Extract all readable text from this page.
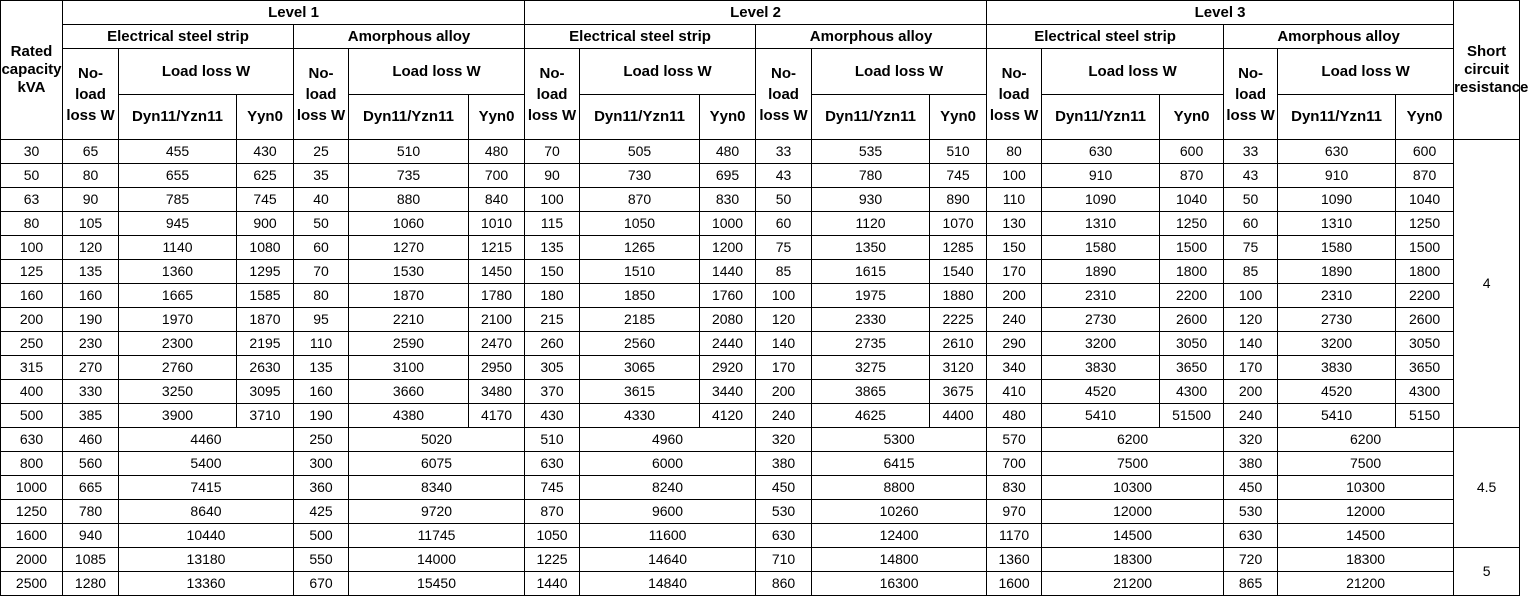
Rated capacity kVA	Level 1						Level 2						Level 3						Short circuit resistance
	Electrical steel strip			Amorphous alloy			Electrical steel strip			Amorphous alloy			Electrical steel strip			Amorphous alloy			
	No-load loss W	Load loss W		No-load loss W	Load loss W		No-load loss W	Load loss W		No-load loss W	Load loss W		No-load loss W	Load loss W		No-load loss W	Load loss W		
		Dyn11/Yzn11	Yyn0		Dyn11/Yzn11	Yyn0		Dyn11/Yzn11	Yyn0		Dyn11/Yzn11	Yyn0		Dyn11/Yzn11	Yyn0		Dyn11/Yzn11	Yyn0	
30	65	455	430	25	510	480	70	505	480	33	535	510	80	630	600	33	630	600	4
50	80	655	625	35	735	700	90	730	695	43	780	745	100	910	870	43	910	870	
63	90	785	745	40	880	840	100	870	830	50	930	890	110	1090	1040	50	1090	1040	
80	105	945	900	50	1060	1010	115	1050	1000	60	1120	1070	130	1310	1250	60	1310	1250	
100	120	1140	1080	60	1270	1215	135	1265	1200	75	1350	1285	150	1580	1500	75	1580	1500	
125	135	1360	1295	70	1530	1450	150	1510	1440	85	1615	1540	170	1890	1800	85	1890	1800	
160	160	1665	1585	80	1870	1780	180	1850	1760	100	1975	1880	200	2310	2200	100	2310	2200	
200	190	1970	1870	95	2210	2100	215	2185	2080	120	2330	2225	240	2730	2600	120	2730	2600	
250	230	2300	2195	110	2590	2470	260	2560	2440	140	2735	2610	290	3200	3050	140	3200	3050	
315	270	2760	2630	135	3100	2950	305	3065	2920	170	3275	3120	340	3830	3650	170	3830	3650	
400	330	3250	3095	160	3660	3480	370	3615	3440	200	3865	3675	410	4520	4300	200	4520	4300	
500	385	3900	3710	190	4380	4170	430	4330	4120	240	4625	4400	480	5410	51500	240	5410	5150	
630	460	4460		250	5020		510	4960		320	5300		570	6200		320	6200		4.5
800	560	5400		300	6075		630	6000		380	6415		700	7500		380	7500		
1000	665	7415		360	8340		745	8240		450	8800		830	10300		450	10300		
1250	780	8640		425	9720		870	9600		530	10260		970	12000		530	12000		
1600	940	10440		500	11745		1050	11600		630	12400		1170	14500		630	14500		
2000	1085	13180		550	14000		1225	14640		710	14800		1360	18300		720	18300		5
2500	1280	13360		670	15450		1440	14840		860	16300		1600	21200		865	21200		
